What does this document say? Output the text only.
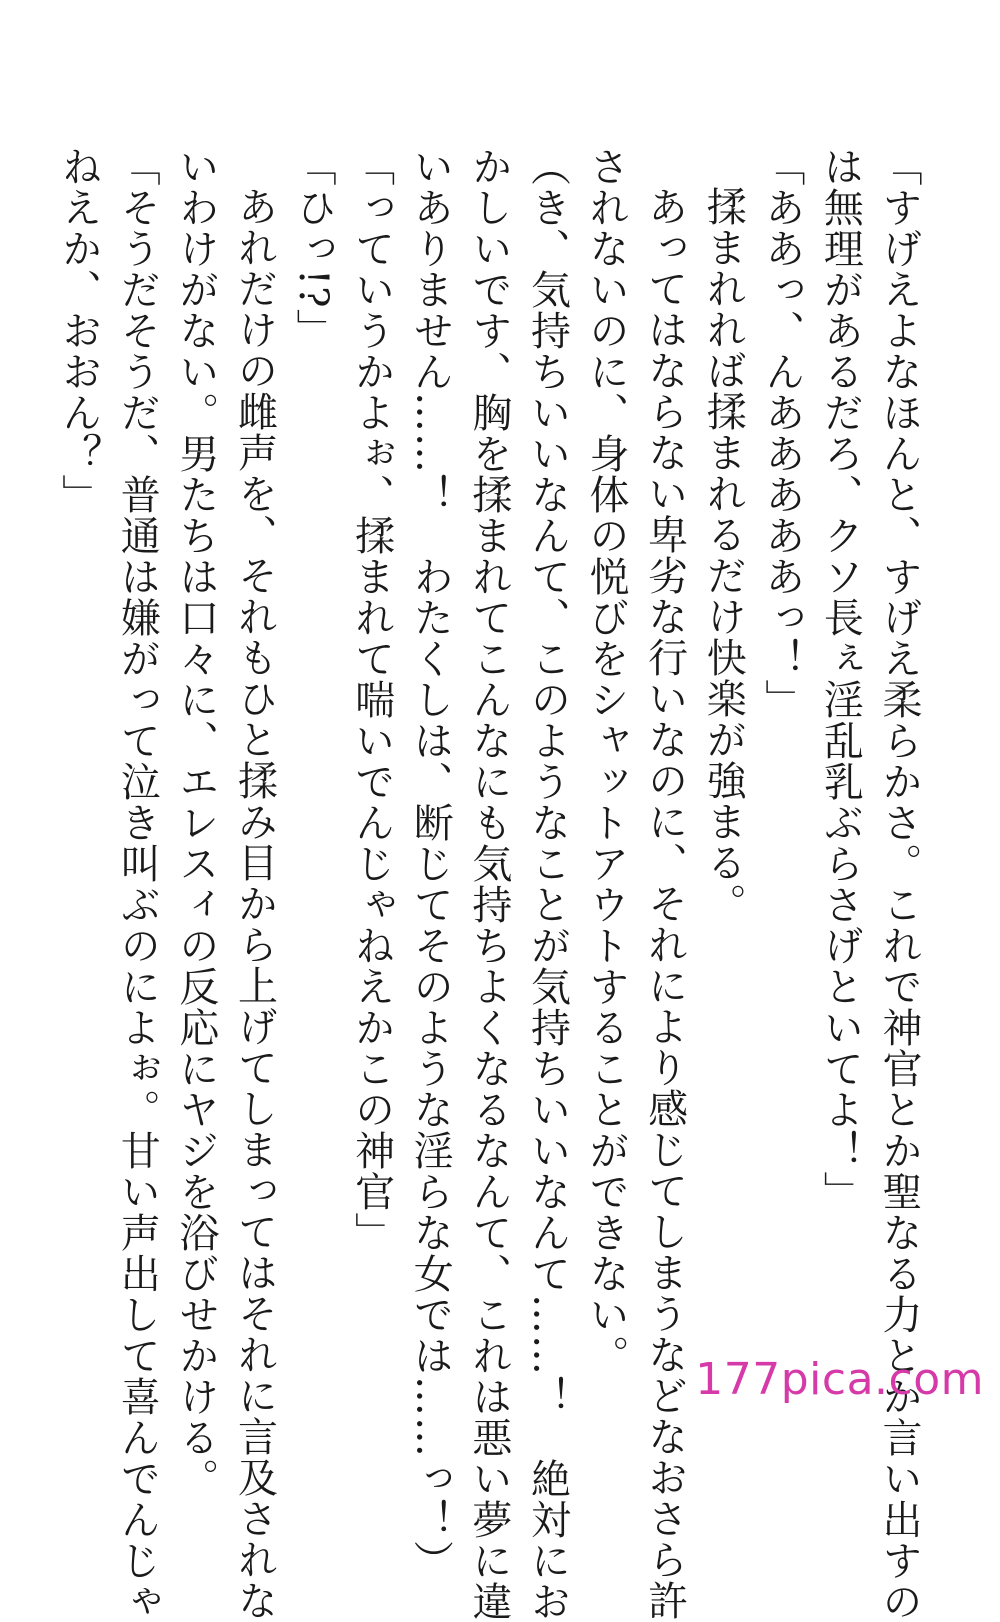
「すげえよなほんと、すげえ柔らかさ。これで神官とか聖なる力とか言い出すの
は無理があるだろ、クソ長ぇ淫乱乳ぶらさげといてよ！」
「ああっ、んあああああっ！」
揉まれれば揉まれるだけ快楽が強まる。
あってはならない卑劣な行いなのに、それにより感じてしまうなどなおさら許
されないのに、身体の悦びをシャットアウトすることができない。
（き、気持ちいいなんて、このようなことが気持ちいいなんて……！　絶対にお
かしいです、胸を揉まれてこんなにも気持ちよくなるなんて、これは悪い夢に違
いありません……！　わたくしは、断じてそのような淫らな女では……っ！）
「っていうかよぉ、揉まれて喘いでんじゃねえかこの神官」
「ひっ!?」
あれだけの雌声を、それもひと揉み目から上げてしまってはそれに言及されな
いわけがない。男たちは口々に、エレスィの反応にヤジを浴びせかける。
「そうだそうだ、普通は嫌がって泣き叫ぶのによぉ。甘い声出して喜んでんじゃ
ねえか、おおん？」
177pica.com
